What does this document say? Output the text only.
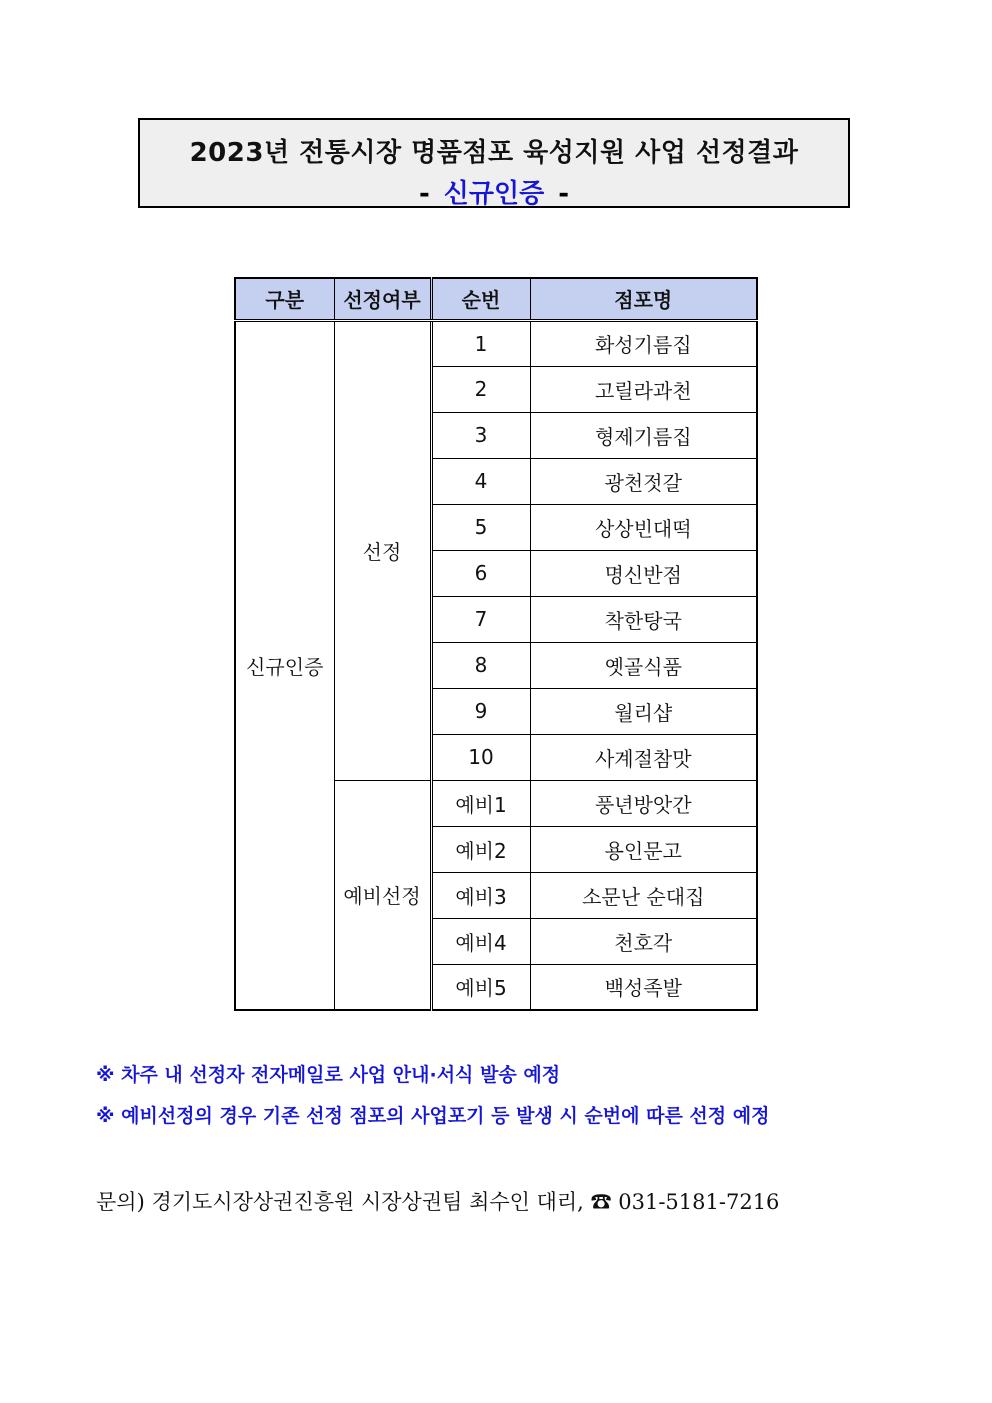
2023년 전통시장 명품점포 육성지원 사업 선정결과
- 신규인증 -
구분	선정여부	순번	점포명
신규인증	선정	1	화성기름집
		2	고릴라과천
		3	형제기름집
		4	광천젓갈
		5	상상빈대떡
		6	명신반점
		7	착한탕국
		8	옛골식품
		9	월리샵
		10	사계절참맛
	예비선정	예비1	풍년방앗간
		예비2	용인문고
		예비3	소문난 순대집
		예비4	천호각
		예비5	백성족발
※ 차주 내 선정자 전자메일로 사업 안내·서식 발송 예정
※ 예비선정의 경우 기존 선정 점포의 사업포기 등 발생 시 순번에 따른 선정 예정
문의) 경기도시장상권진흥원 시장상권팀 최수인 대리, ☎ 031-5181-7216
